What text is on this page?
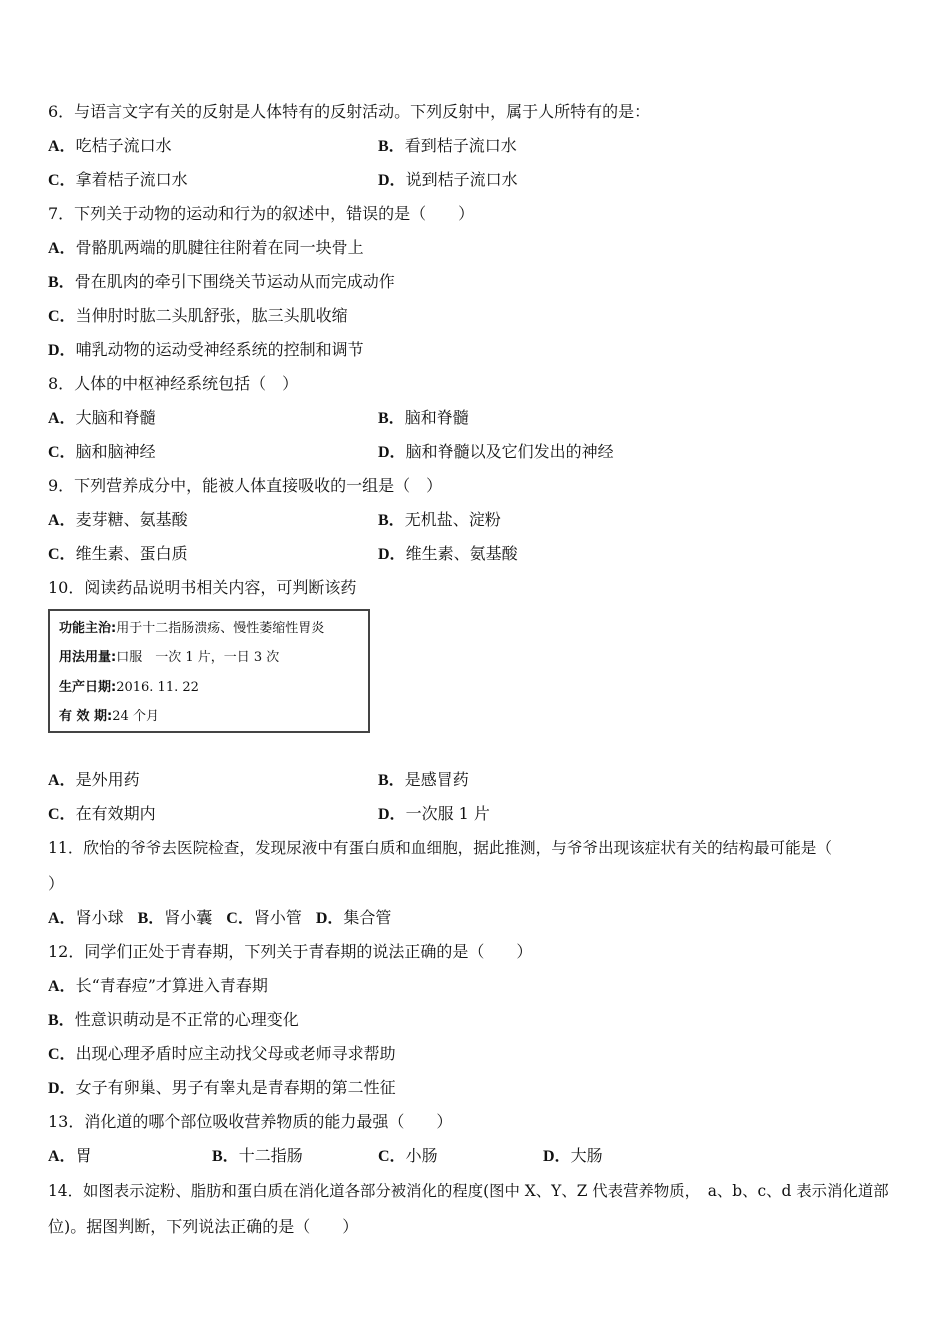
6．与语言文字有关的反射是人体特有的反射活动。下列反射中，属于人所特有的是：
A．吃桔子流口水	B．看到桔子流口水
C．拿着桔子流口水	D．说到桔子流口水
7．下列关于动物的运动和行为的叙述中，错误的是（　　）
A．骨骼肌两端的肌腱往往附着在同一块骨上
B．骨在肌肉的牵引下围绕关节运动从而完成动作
C．当伸肘时肱二头肌舒张，肱三头肌收缩
D．哺乳动物的运动受神经系统的控制和调节
8．人体的中枢神经系统包括（　）
A．大脑和脊髓	B．脑和脊髓
C．脑和脑神经	D．脑和脊髓以及它们发出的神经
9．下列营养成分中，能被人体直接吸收的一组是（　）
A．麦芽糖、氨基酸	B．无机盐、淀粉
C．维生素、蛋白质	D．维生素、氨基酸
10．阅读药品说明书相关内容，可判断该药
功能主治:用于十二指肠溃疡、慢性萎缩性胃炎
用法用量:口服　一次 1 片，一日 3 次
生产日期:2016. 11. 22
有 效 期:24 个月
A．是外用药	B．是感冒药
C．在有效期内	D．一次服 1 片
11．欣怡的爷爷去医院检查，发现尿液中有蛋白质和血细胞，据此推测，与爷爷出现该症状有关的结构最可能是（
）
A．肾小球 B．肾小囊 C．肾小管 D．集合管
12．同学们正处于青春期，下列关于青春期的说法正确的是（　　）
A．长“青春痘”才算进入青春期
B．性意识萌动是不正常的心理变化
C．出现心理矛盾时应主动找父母或老师寻求帮助
D．女子有卵巢、男子有睾丸是青春期的第二性征
13．消化道的哪个部位吸收营养物质的能力最强（　　）
A．胃	B．十二指肠	C．小肠	D．大肠
14．如图表示淀粉、脂肪和蛋白质在消化道各部分被消化的程度(图中 X、Y、Z 代表营养物质，　a、b、c、d 表示消化道部
位)。据图判断，下列说法正确的是（　　）
